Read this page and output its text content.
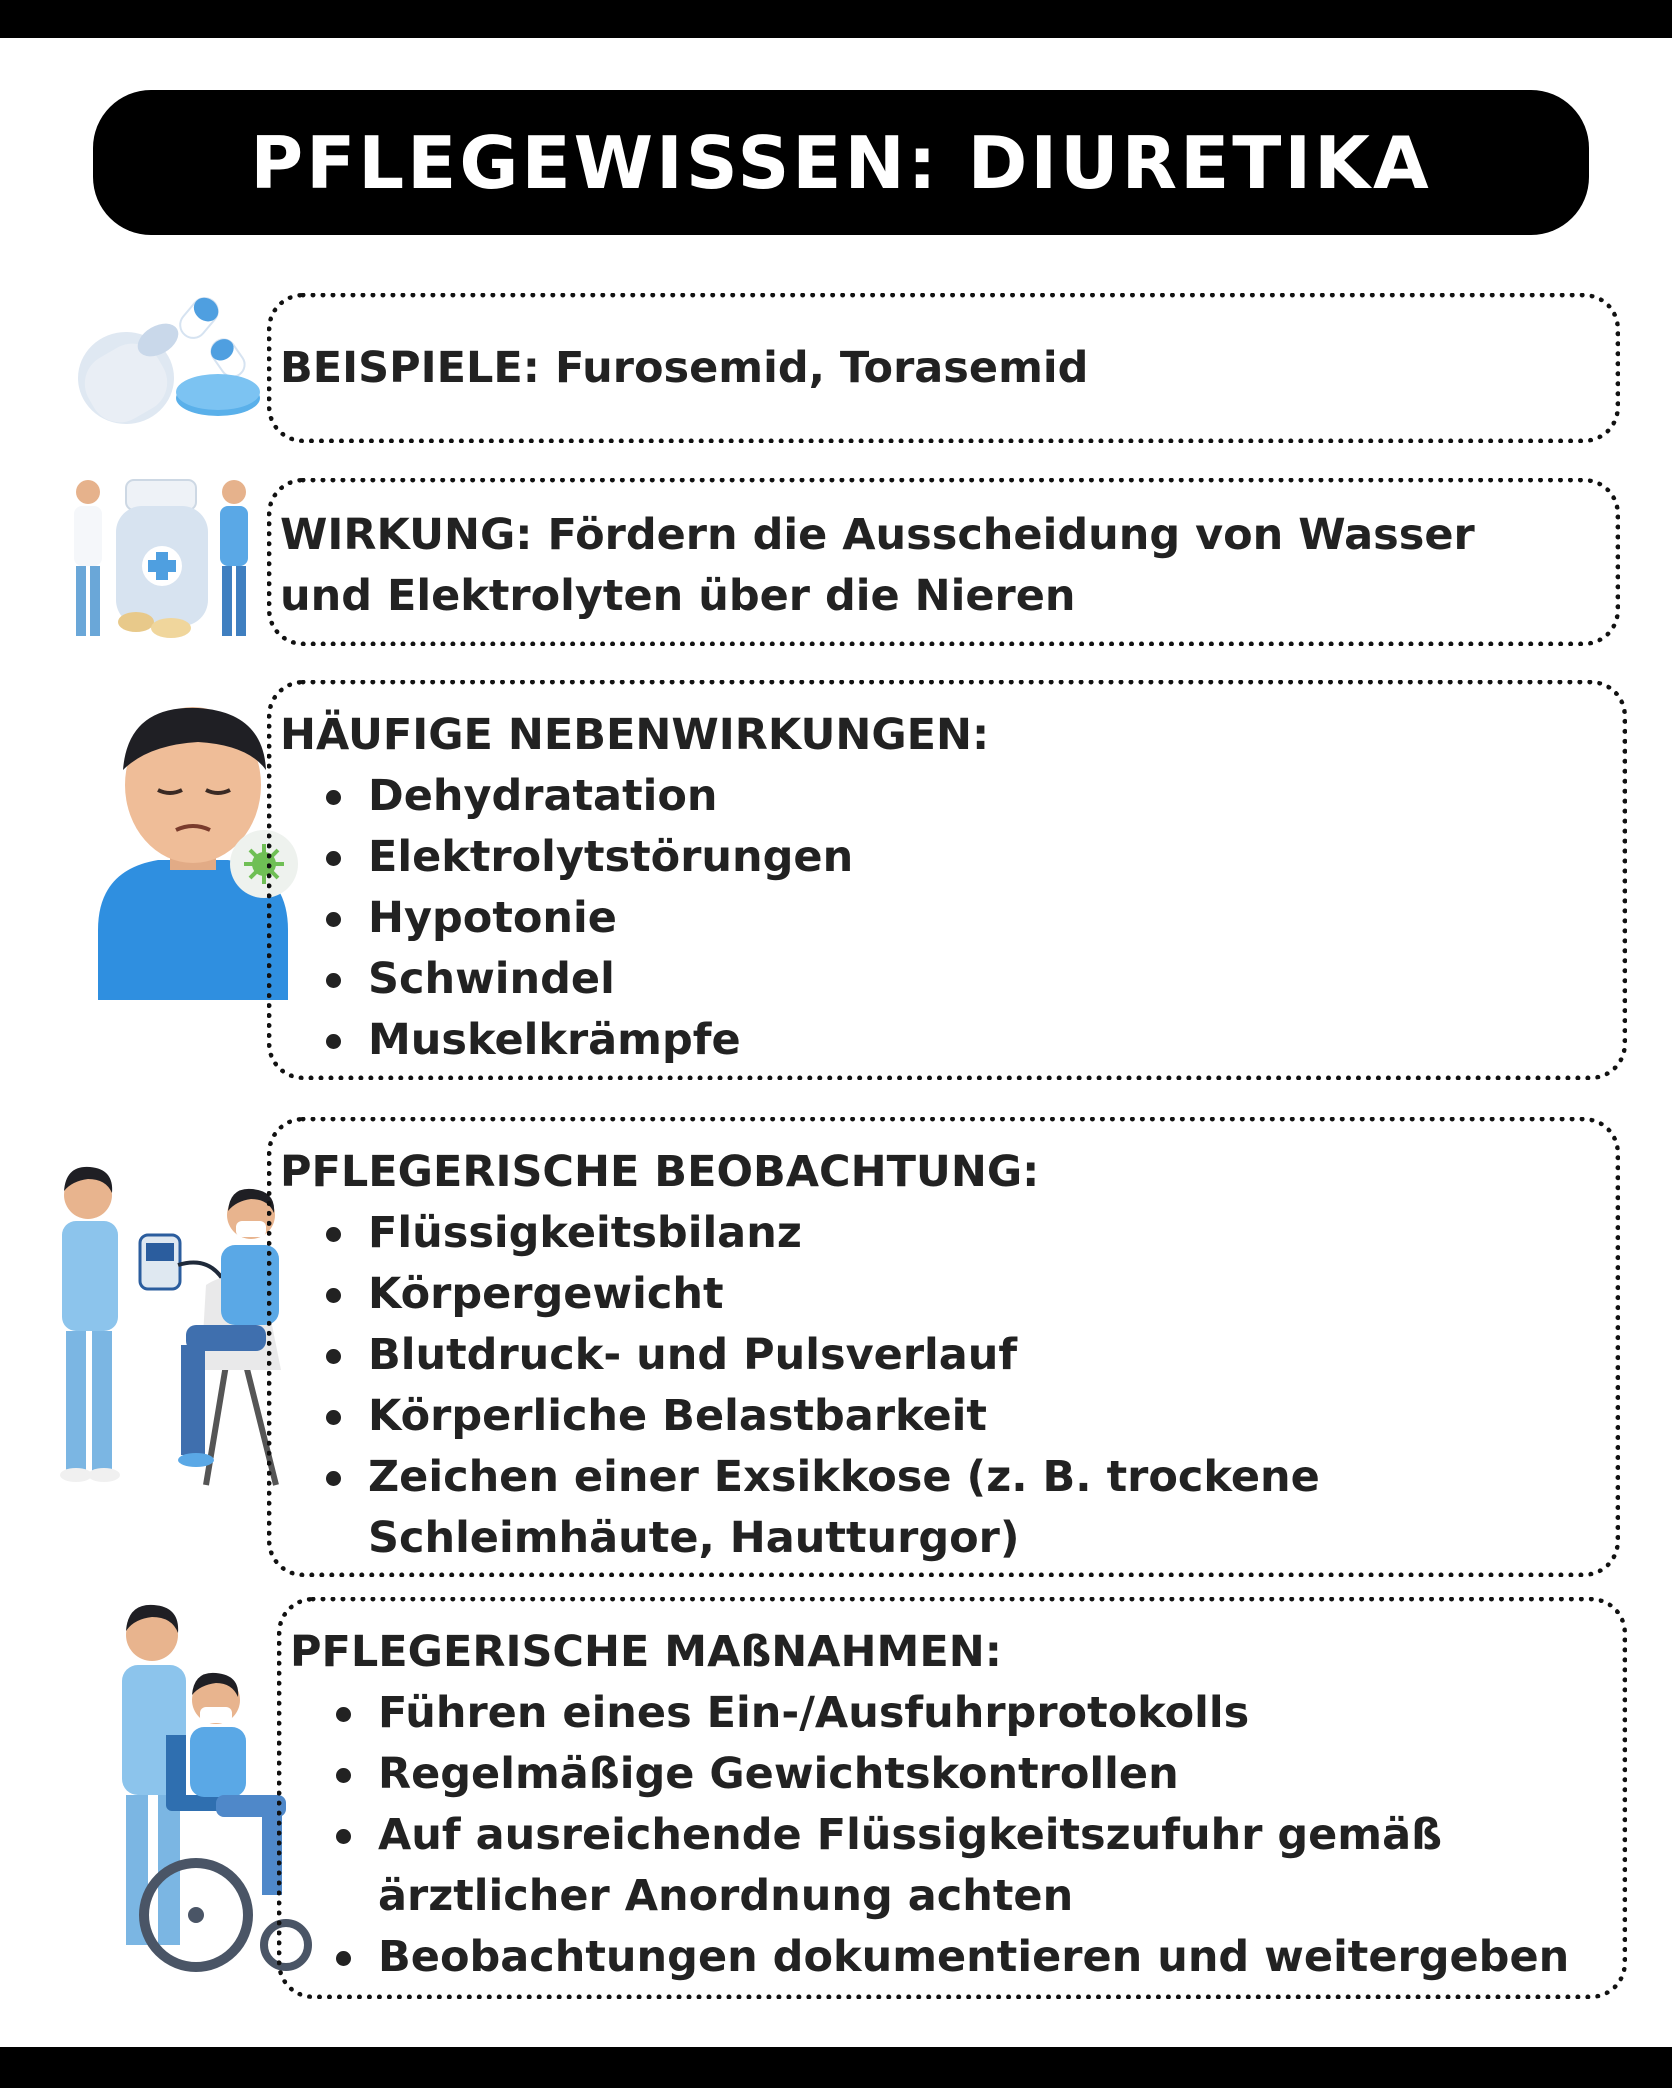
PFLEGEWISSEN: DIURETIKA
BEISPIELE: Furosemid, Torasemid
WIRKUNG: Fördern die Ausscheidung von Wasser
und Elektrolyten über die Nieren
HÄUFIGE NEBENWIRKUNGEN:
Dehydratation
Elektrolytstörungen
Hypotonie
Schwindel
Muskelkrämpfe
PFLEGERISCHE BEOBACHTUNG:
Flüssigkeitsbilanz
Körpergewicht
Blutdruck- und Pulsverlauf
Körperliche Belastbarkeit
Zeichen einer Exsikkose (z. B. trockene
Schleimhäute, Hautturgor)
PFLEGERISCHE MAßNAHMEN:
Führen eines Ein-/Ausfuhrprotokolls
Regelmäßige Gewichtskontrollen
Auf ausreichende Flüssigkeitszufuhr gemäß
ärztlicher Anordnung achten
Beobachtungen dokumentieren und weitergeben
